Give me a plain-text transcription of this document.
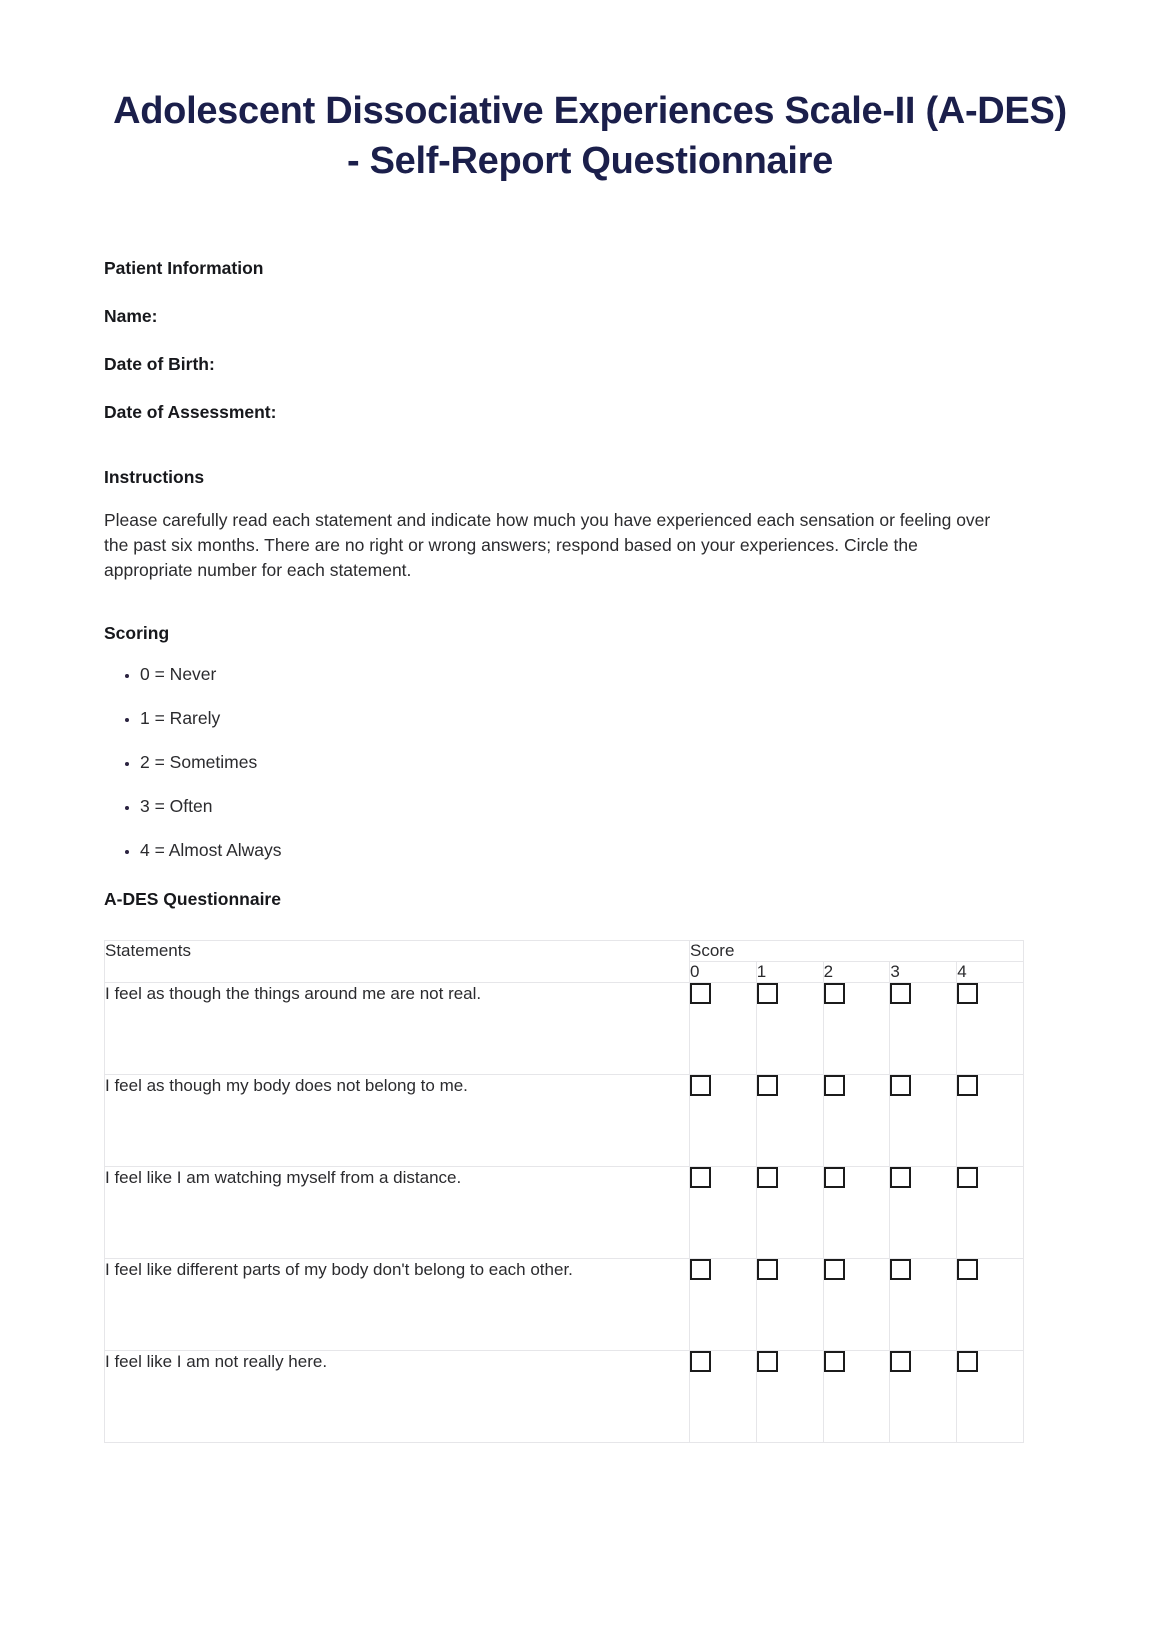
Adolescent Dissociative Experiences Scale-II (A-DES) - Self-Report Questionnaire
Patient Information
Name:
Date of Birth:
Date of Assessment:
Instructions

Please carefully read each statement and indicate how much you have experienced each sensation or feeling over the past six months. There are no right or wrong answers; respond based on your experiences. Circle the appropriate number for each statement.

Scoring
• 0 = Never
• 1 = Rarely
• 2 = Sometimes
• 3 = Often
• 4 = Almost Always
A-DES Questionnaire
Statements	Score				
	0	1	2	3	4
I feel as though the things around me are not real.					
I feel as though my body does not belong to me.					
I feel like I am watching myself from a distance.					
I feel like different parts of my body don't belong to each other.					
I feel like I am not really here.					
